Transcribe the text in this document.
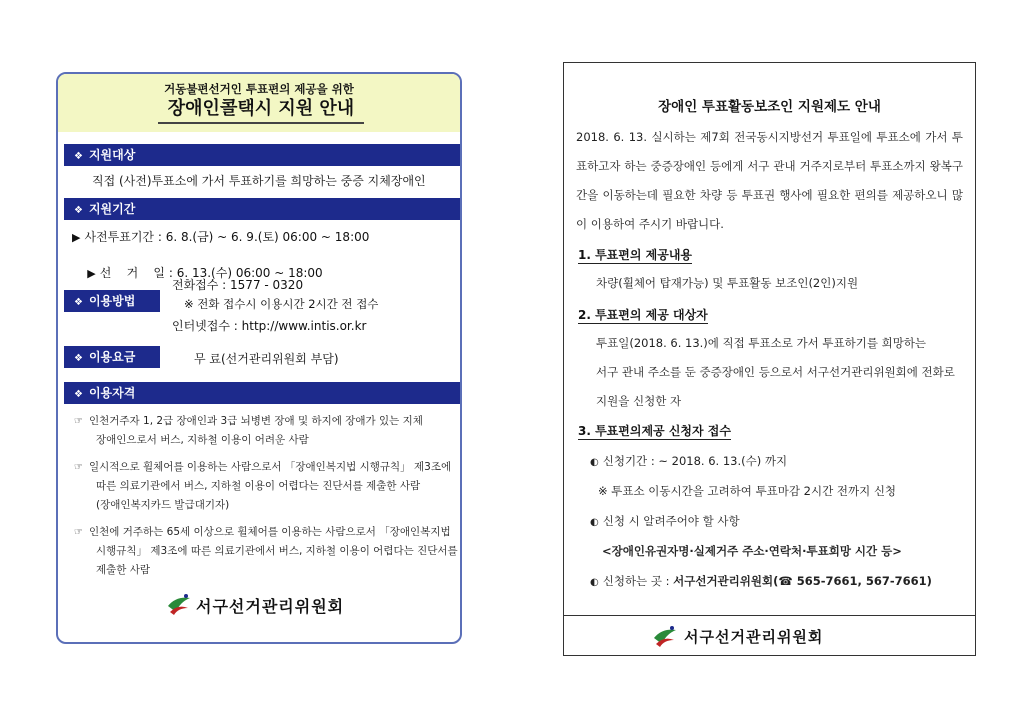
거동불편선거인 투표편의 제공을 위한
장애인콜택시 지원 안내
❖ 지원대상
직접 (사전)투표소에 가서 투표하기를 희망하는 중증 지체장애인
❖ 지원기간
▶ 사전투표기간 : 6. 8.(금) ~ 6. 9.(토) 06:00 ~ 18:00

▶ 선    거    일 : 6. 13.(수) 06:00 ~ 18:00

❖ 이용방법
전화접수 : 1577 - 0320
※ 전화 접수시 이용시간 2시간 전 접수
인터넷접수 : http://www.intis.or.kr
❖ 이용요금	무 료(선거관리위원회 부담)
❖ 이용자격
☞ 인천거주자 1, 2급 장애인과 3급 뇌병변 장애 및 하지에 장애가 있는 지체
장애인으로서 버스, 지하철 이용이 어려운 사람
☞ 일시적으로 휠체어를 이용하는 사람으로서 「장애인복지법 시행규칙」 제3조에
따른 의료기관에서 버스, 지하철 이용이 어렵다는 진단서를 제출한 사람
(장애인복지카드 발급대기자)
☞ 인천에 거주하는 65세 이상으로 휠체어를 이용하는 사람으로서 「장애인복지법
시행규칙」 제3조에 따른 의료기관에서 버스, 지하철 이용이 어렵다는 진단서를
제출한 사람
서구선거관리위원회
장애인 투표활동보조인 지원제도 안내
2018. 6. 13. 실시하는 제7회 전국동시지방선거 투표일에 투표소에 가서 투표하고자 하는 중증장애인 등에게 서구 관내 거주지로부터 투표소까지 왕복구간을 이동하는데 필요한 차량 등 투표권 행사에 필요한 편의를 제공하오니 많이 이용하여 주시기 바랍니다.
1. 투표편의 제공내용
차량(휠체어 탑재가능) 및 투표활동 보조인(2인)지원
2. 투표편의 제공 대상자
투표일(2018. 6. 13.)에 직접 투표소로 가서 투표하기를 희망하는
서구 관내 주소를 둔 중증장애인 등으로서 서구선거관리위원회에 전화로
지원을 신청한 자
3. 투표편의제공 신청자 접수
◐ 신청기간 : ~ 2018. 6. 13.(수) 까지
※ 투표소 이동시간을 고려하여 투표마감 2시간 전까지 신청
◐ 신청 시 알려주어야 할 사항
<장애인유권자명·실제거주 주소·연락처·투표희망 시간 등>
◐ 신청하는 곳 : 서구선거관리위원회(☎ 565-7661, 567-7661)
서구선거관리위원회
